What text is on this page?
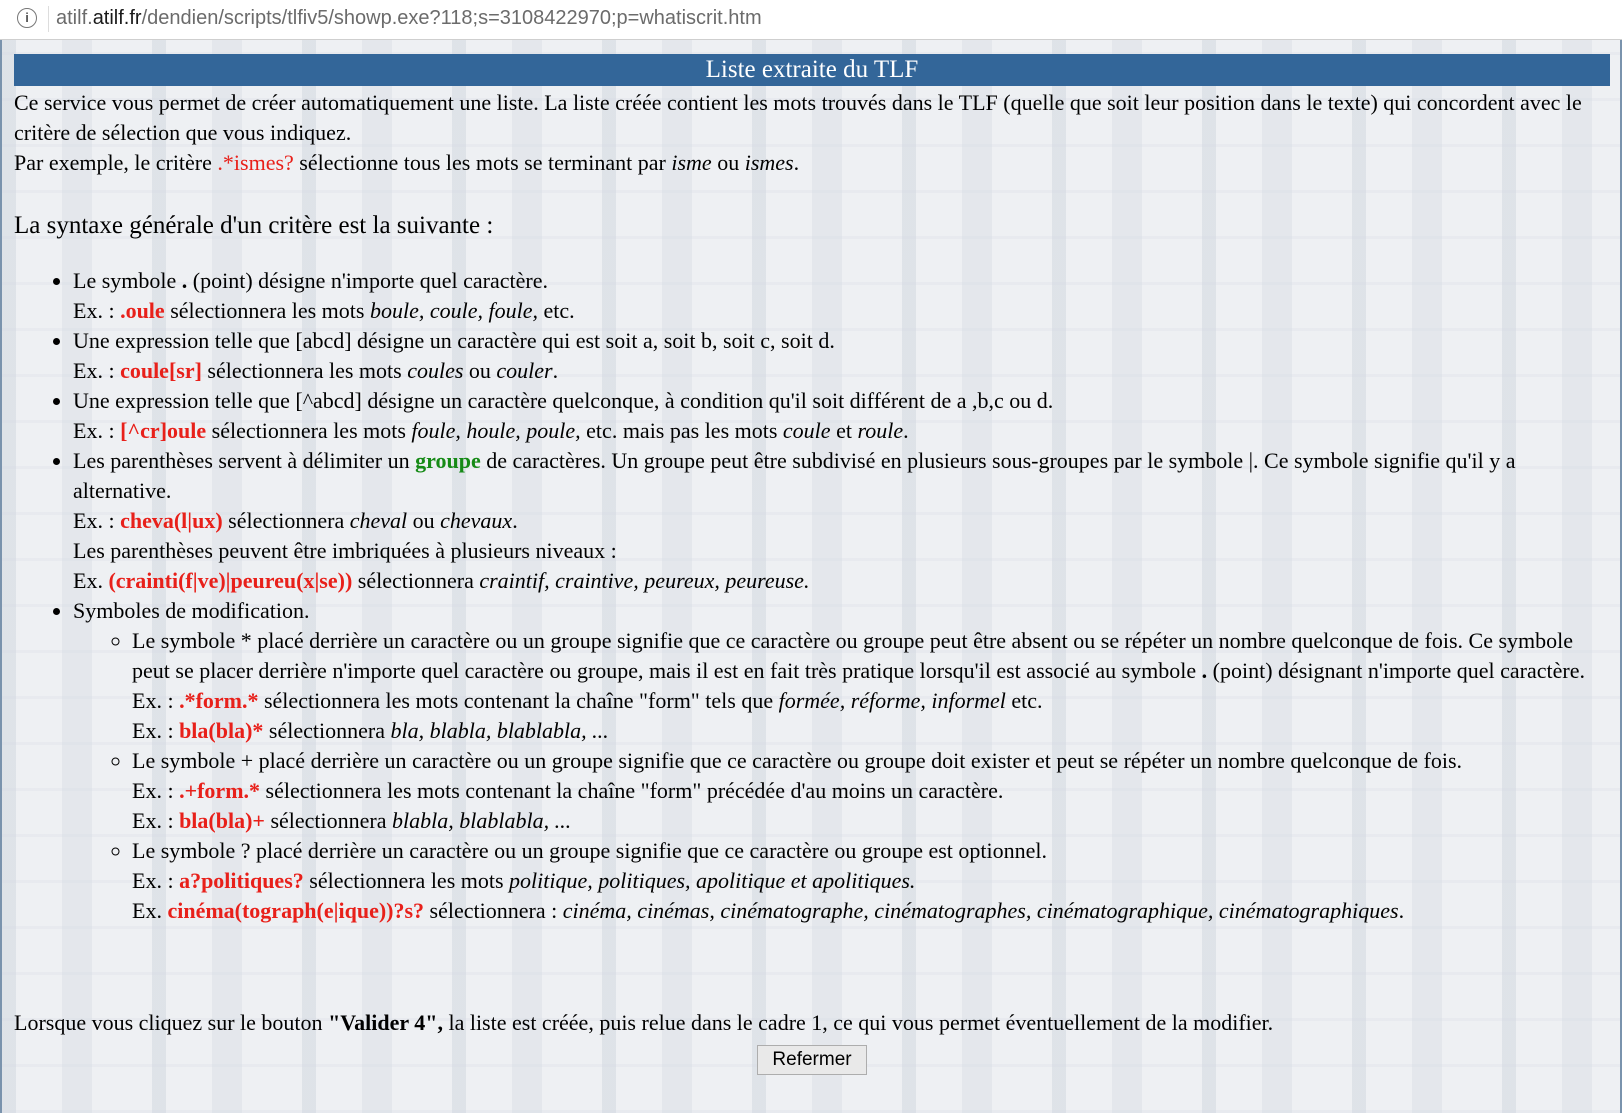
i	atilf.atilf.fr/dendien/scripts/tlfiv5/showp.exe?118;s=3108422970;p=whatiscrit.htm
Liste extraite du TLF

Ce service vous permet de créer automatiquement une liste. La liste créée contient les mots trouvés dans le TLF (quelle que soit leur position dans le texte) qui concordent avec le critère de sélection que vous indiquez.
Par exemple, le critère .*ismes? sélectionne tous les mots se terminant par isme ou ismes.

La syntaxe générale d'un critère est la suivante :

• Le symbole . (point) désigne n'importe quel caractère.
Ex. : .oule sélectionnera les mots boule, coule, foule, etc.
• Une expression telle que [abcd] désigne un caractère qui est soit a, soit b, soit c, soit d.
Ex. : coule[sr] sélectionnera les mots coules ou couler.
• Une expression telle que [^abcd] désigne un caractère quelconque, à condition qu'il soit différent de a ,b,c ou d.
Ex. : [^cr]oule sélectionnera les mots foule, houle, poule, etc. mais pas les mots coule et roule.
• Les parenthèses servent à délimiter un groupe de caractères. Un groupe peut être subdivisé en plusieurs sous-groupes par le symbole |. Ce symbole signifie qu'il y a alternative.
Ex. : cheva(l|ux) sélectionnera cheval ou chevaux.
Les parenthèses peuvent être imbriquées à plusieurs niveaux :
Ex. (crainti(f|ve)|peureu(x|se)) sélectionnera craintif, craintive, peureux, peureuse.
• Symboles de modification.
◦ Le symbole * placé derrière un caractère ou un groupe signifie que ce caractère ou groupe peut être absent ou se répéter un nombre quelconque de fois. Ce symbole peut se placer derrière n'importe quel caractère ou groupe, mais il est en fait très pratique lorsqu'il est associé au symbole . (point) désignant n'importe quel caractère.
Ex. : .*form.* sélectionnera les mots contenant la chaîne "form" tels que formée, réforme, informel etc.
Ex. : bla(bla)* sélectionnera bla, blabla, blablabla, ...
◦ Le symbole + placé derrière un caractère ou un groupe signifie que ce caractère ou groupe doit exister et peut se répéter un nombre quelconque de fois.
Ex. : .+form.* sélectionnera les mots contenant la chaîne "form" précédée d'au moins un caractère.
Ex. : bla(bla)+ sélectionnera blabla, blablabla, ...
◦ Le symbole ? placé derrière un caractère ou un groupe signifie que ce caractère ou groupe est optionnel.
Ex. : a?politiques? sélectionnera les mots politique, politiques, apolitique et apolitiques.
Ex. cinéma(tograph(e|ique))?s? sélectionnera : cinéma, cinémas, cinématographe, cinématographes, cinématographique, cinématographiques.

Lorsque vous cliquez sur le bouton "Valider 4", la liste est créée, puis relue dans le cadre 1, ce qui vous permet éventuellement de la modifier.

Refermer
